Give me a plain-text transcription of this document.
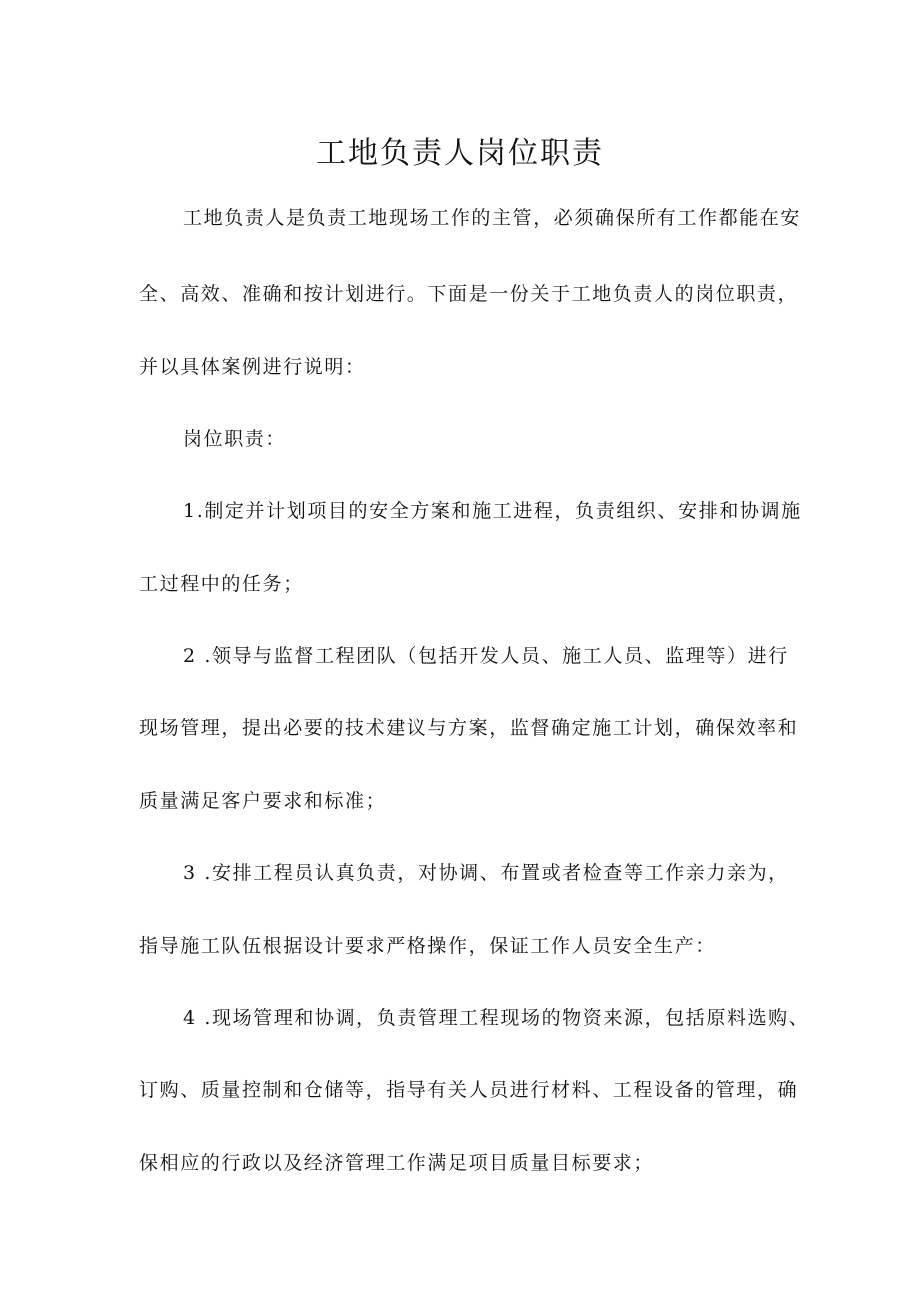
工地负责人岗位职责
工地负责人是负责工地现场工作的主管，必须确保所有工作都能在安
全、高效、准确和按计划进行。下面是一份关于工地负责人的岗位职责，
并以具体案例进行说明：
岗位职责：
1.制定并计划项目的安全方案和施工进程，负责组织、安排和协调施
工过程中的任务；
2 .领导与监督工程团队（包括开发人员、施工人员、监理等）进行
现场管理，提出必要的技术建议与方案，监督确定施工计划，确保效率和
质量满足客户要求和标准；
3 .安排工程员认真负责，对协调、布置或者检查等工作亲力亲为，
指导施工队伍根据设计要求严格操作，保证工作人员安全生产：
4 .现场管理和协调，负责管理工程现场的物资来源，包括原料选购、
订购、质量控制和仓储等，指导有关人员进行材料、工程设备的管理，确
保相应的行政以及经济管理工作满足项目质量目标要求；
